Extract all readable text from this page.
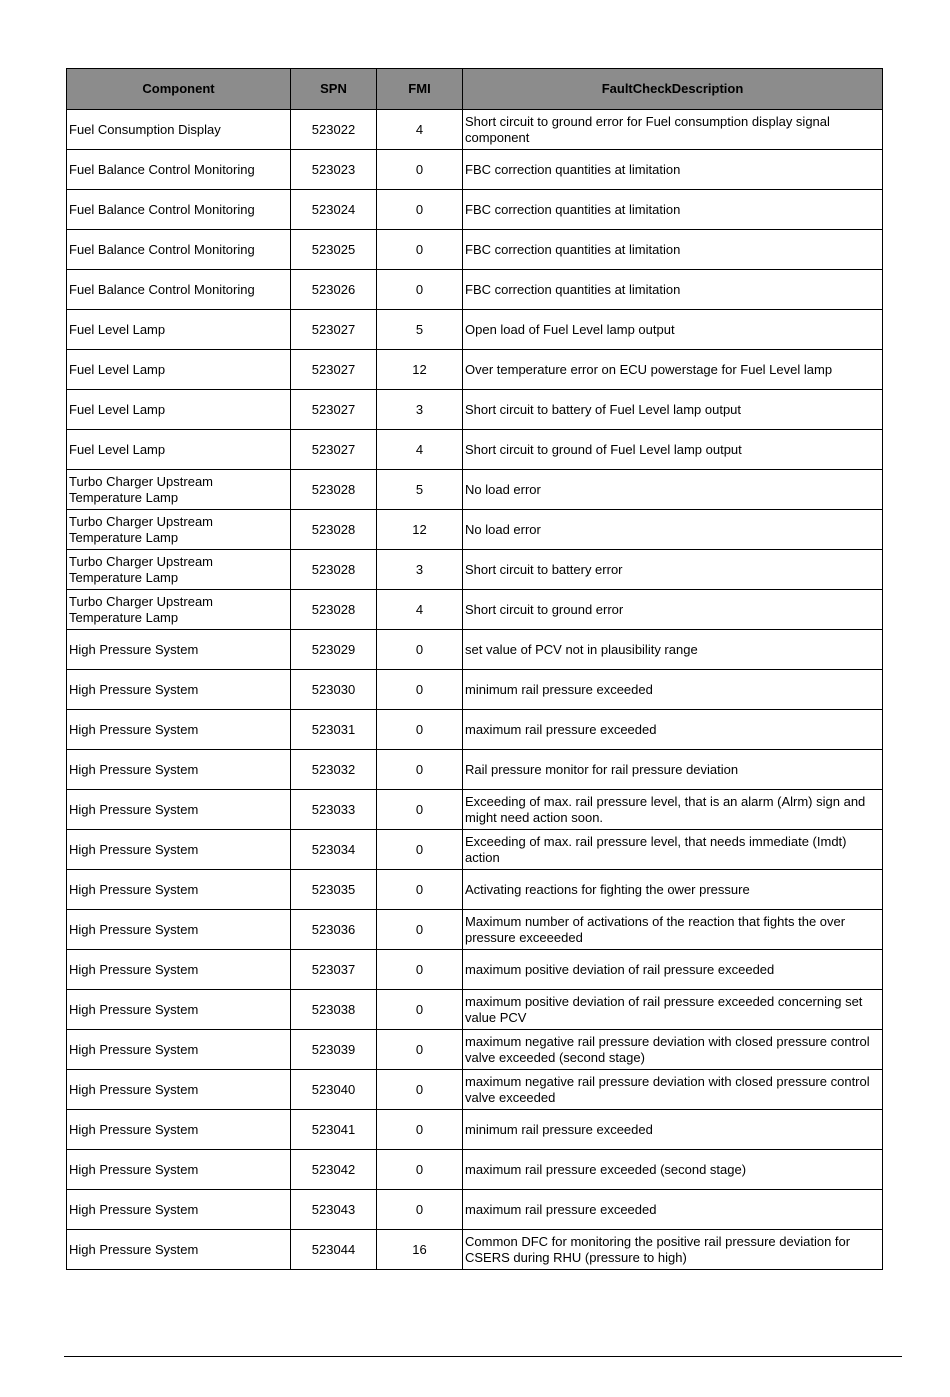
Component	SPN	FMI	FaultCheckDescription
Fuel Consumption Display	523022	4	Short circuit to ground error for Fuel consumption display signal component
Fuel Balance Control Monitoring	523023	0	FBC correction quantities at limitation
Fuel Balance Control Monitoring	523024	0	FBC correction quantities at limitation
Fuel Balance Control Monitoring	523025	0	FBC correction quantities at limitation
Fuel Balance Control Monitoring	523026	0	FBC correction quantities at limitation
Fuel Level Lamp	523027	5	Open load of Fuel Level lamp output
Fuel Level Lamp	523027	12	Over temperature error on ECU powerstage for Fuel Level lamp
Fuel Level Lamp	523027	3	Short circuit to battery of Fuel Level lamp output
Fuel Level Lamp	523027	4	Short circuit to ground of Fuel Level lamp output
Turbo Charger Upstream Temperature Lamp	523028	5	No load error
Turbo Charger Upstream Temperature Lamp	523028	12	No load error
Turbo Charger Upstream Temperature Lamp	523028	3	Short circuit to battery error
Turbo Charger Upstream Temperature Lamp	523028	4	Short circuit to ground error
High Pressure System	523029	0	set value of PCV not in plausibility range
High Pressure System	523030	0	minimum rail pressure exceeded
High Pressure System	523031	0	maximum rail pressure exceeded
High Pressure System	523032	0	Rail pressure monitor for rail pressure deviation
High Pressure System	523033	0	Exceeding of max. rail pressure level, that is an alarm (Alrm) sign and might need action soon.
High Pressure System	523034	0	Exceeding of max. rail pressure level, that needs immediate (Imdt) action
High Pressure System	523035	0	Activating reactions for fighting the ower pressure
High Pressure System	523036	0	Maximum number of activations of the reaction that fights the over pressure exceeeded
High Pressure System	523037	0	maximum positive deviation of rail pressure exceeded
High Pressure System	523038	0	maximum positive deviation of rail pressure exceeded concerning set value PCV
High Pressure System	523039	0	maximum negative rail pressure deviation with closed pressure control valve exceeded (second stage)
High Pressure System	523040	0	maximum negative rail pressure deviation with closed pressure control valve exceeded
High Pressure System	523041	0	minimum rail pressure exceeded
High Pressure System	523042	0	maximum rail pressure exceeded (second stage)
High Pressure System	523043	0	maximum rail pressure exceeded
High Pressure System	523044	16	Common DFC for monitoring the positive rail pressure deviation for CSERS during RHU (pressure to high)
